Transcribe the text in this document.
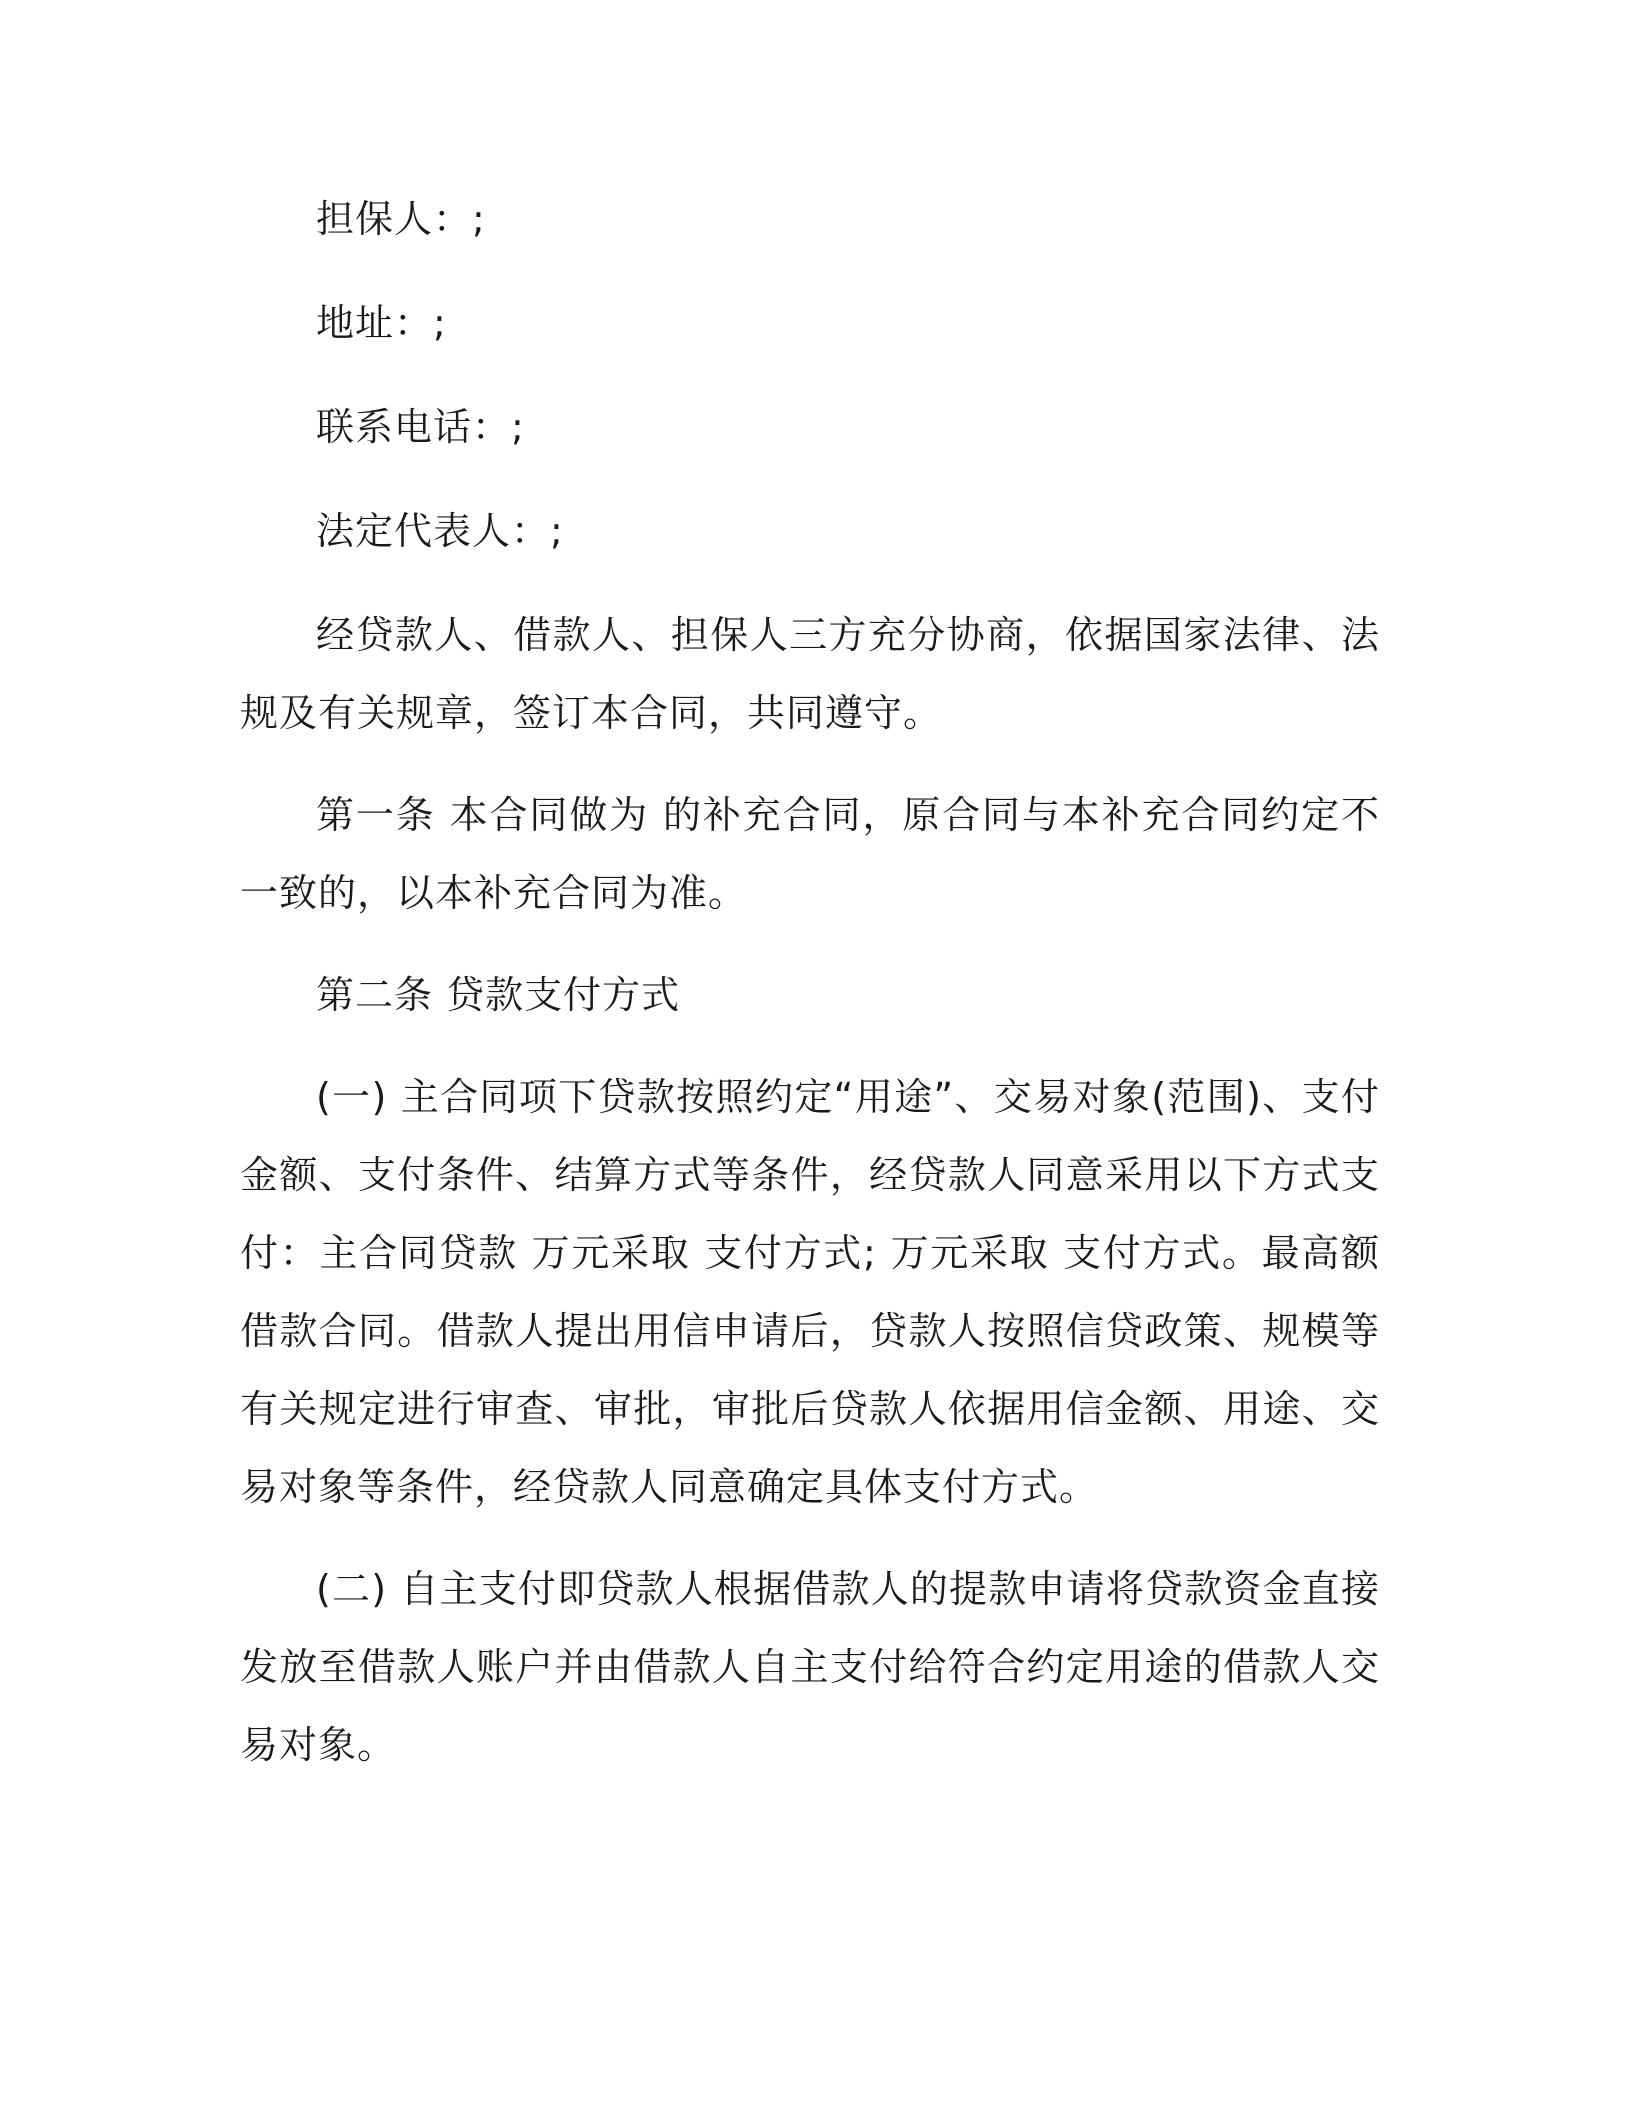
担保人：;

地址：;

联系电话：;

法定代表人：;

经贷款人、借款人、担保人三方充分协商，依据国家法律、法规及有关规章，签订本合同，共同遵守。

第一条 本合同做为 的补充合同，原合同与本补充合同约定不一致的，以本补充合同为准。

第二条 贷款支付方式

(一) 主合同项下贷款按照约定“用途”、交易对象(范围)、支付金额、支付条件、结算方式等条件，经贷款人同意采用以下方式支付：主合同贷款 万元采取 支付方式; 万元采取 支付方式。最高额借款合同。借款人提出用信申请后，贷款人按照信贷政策、规模等有关规定进行审查、审批，审批后贷款人依据用信金额、用途、交易对象等条件，经贷款人同意确定具体支付方式。

(二) 自主支付即贷款人根据借款人的提款申请将贷款资金直接发放至借款人账户并由借款人自主支付给符合约定用途的借款人交易对象。
